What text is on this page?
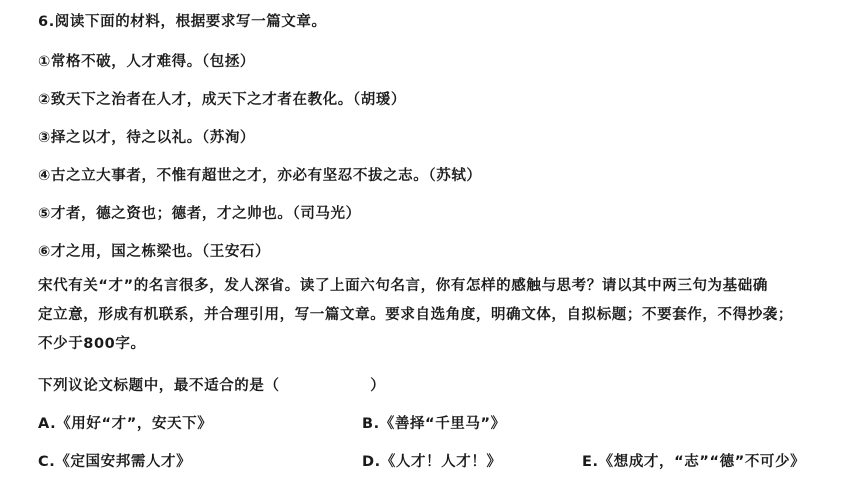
6.阅读下面的材料，根据要求写一篇文章。
①常格不破，人才难得。（包拯）
②致天下之治者在人才，成天下之才者在教化。（胡瑗）
③择之以才，待之以礼。（苏洵）
④古之立大事者，不惟有超世之才，亦必有坚忍不拔之志。（苏轼）
⑤才者，德之资也；德者，才之帅也。（司马光）
⑥才之用，国之栋梁也。（王安石）
宋代有关“才”的名言很多，发人深省。读了上面六句名言，你有怎样的感触与思考？请以其中两三句为基础确
定立意，形成有机联系，并合理引用，写一篇文章。要求自选角度，明确文体，自拟标题；不要套作，不得抄袭；
不少于800字。
下列议论文标题中，最不适合的是（　　　　　　）
A.《用好“才”，安天下》	B.《善择“千里马”》
C.《定国安邦需人才》	D.《人才！人才！》	E.《想成才，“志”“德”不可少》
